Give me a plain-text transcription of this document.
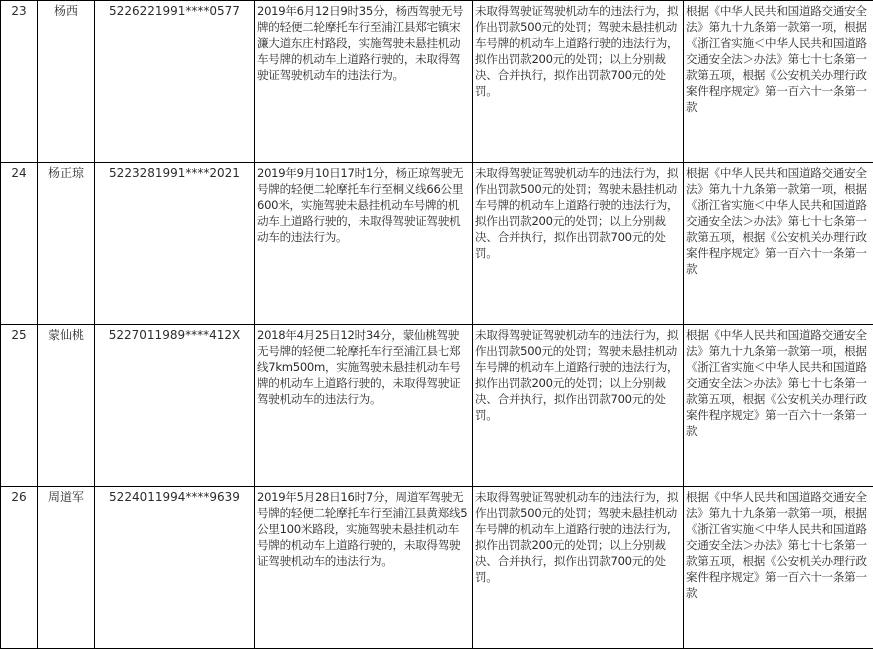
23	杨西	5226221991****0577	2019年6月12日9时35分，杨西驾驶无号牌的轻便二轮摩托车行至浦江县郑宅镇宋濂大道东庄村路段，实施驾驶未悬挂机动车号牌的机动车上道路行驶的，未取得驾驶证驾驶机动车的违法行为。	未取得驾驶证驾驶机动车的违法行为，拟作出罚款500元的处罚；驾驶未悬挂机动车号牌的机动车上道路行驶的违法行为，拟作出罚款200元的处罚；以上分别裁决、合并执行，拟作出罚款700元的处罚。	根据《中华人民共和国道路交通安全法》第九十九条第一款第一项，根据《浙江省实施＜中华人民共和国道路交通安全法＞办法》第七十七条第一款第五项，根据《公安机关办理行政案件程序规定》第一百六十一条第一款
24	杨正琼	5223281991****2021	2019年9月10日17时1分，杨正琼驾驶无号牌的轻便二轮摩托车行至桐义线66公里600米，实施驾驶未悬挂机动车号牌的机动车上道路行驶的，未取得驾驶证驾驶机动车的违法行为。	未取得驾驶证驾驶机动车的违法行为，拟作出罚款500元的处罚；驾驶未悬挂机动车号牌的机动车上道路行驶的违法行为，拟作出罚款200元的处罚；以上分别裁决、合并执行，拟作出罚款700元的处罚。	根据《中华人民共和国道路交通安全法》第九十九条第一款第一项，根据《浙江省实施＜中华人民共和国道路交通安全法＞办法》第七十七条第一款第五项，根据《公安机关办理行政案件程序规定》第一百六十一条第一款
25	蒙仙桃	5227011989****412X	2018年4月25日12时34分，蒙仙桃驾驶无号牌的轻便二轮摩托车行至浦江县七郑线7km500m，实施驾驶未悬挂机动车号牌的机动车上道路行驶的，未取得驾驶证驾驶机动车的违法行为。	未取得驾驶证驾驶机动车的违法行为，拟作出罚款500元的处罚；驾驶未悬挂机动车号牌的机动车上道路行驶的违法行为，拟作出罚款200元的处罚；以上分别裁决、合并执行，拟作出罚款700元的处罚。	根据《中华人民共和国道路交通安全法》第九十九条第一款第一项，根据《浙江省实施＜中华人民共和国道路交通安全法＞办法》第七十七条第一款第五项，根据《公安机关办理行政案件程序规定》第一百六十一条第一款
26	周道军	5224011994****9639	2019年5月28日16时7分，周道军驾驶无号牌的轻便二轮摩托车行至浦江县黄郑线5公里100米路段，实施驾驶未悬挂机动车号牌的机动车上道路行驶的，未取得驾驶证驾驶机动车的违法行为。	未取得驾驶证驾驶机动车的违法行为，拟作出罚款500元的处罚；驾驶未悬挂机动车号牌的机动车上道路行驶的违法行为,拟作出罚款200元的处罚；以上分别裁决、合并执行，拟作出罚款700元的处罚。	根据《中华人民共和国道路交通安全法》第九十九条第一款第一项，根据《浙江省实施＜中华人民共和国道路交通安全法＞办法》第七十七条第一款第五项，根据《公安机关办理行政案件程序规定》第一百六十一条第一款
